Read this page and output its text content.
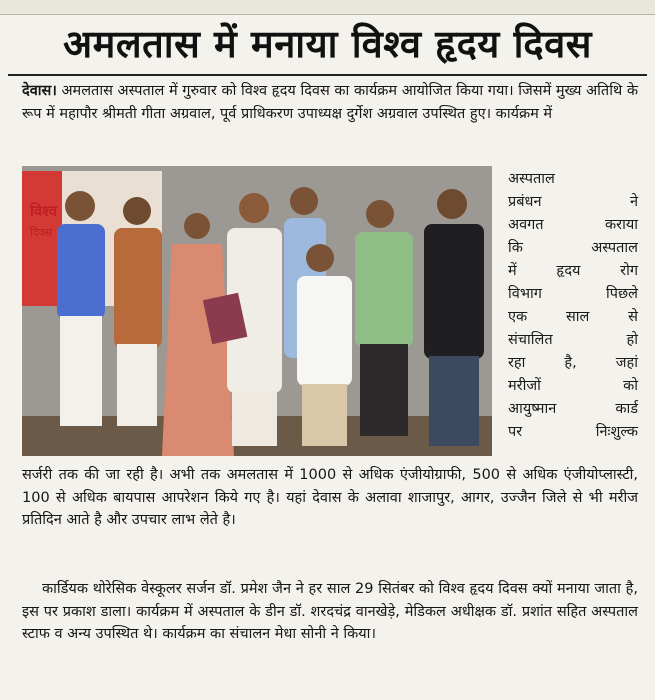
अमलतास में मनाया विश्व हृदय दिवस
देवास। अमलतास अस्पताल में गुरुवार को विश्व हृदय दिवस का कार्यक्रम आयोजित किया गया। जिसमें मुख्य अतिथि के रूप में महापौर श्रीमती गीता अग्रवाल, पूर्व प्राधिकरण उपाध्यक्ष दुर्गेश अग्रवाल उपस्थित हुए। कार्यक्रम में
विश्व
दिवस
अस्पताल
प्रबंधन ने
अवगत कराया
कि अस्पताल
में हृदय रोग
विभाग पिछले
एक साल से
संचालित हो
रहा है, जहां
मरीजों को
आयुष्मान कार्ड
पर निःशुल्क
सर्जरी तक की जा रही है। अभी तक अमलतास में 1000 से अधिक एंजीयोग्राफी, 500 से अधिक एंजीयोप्लास्टी, 100 से अधिक बायपास आपरेशन किये गए है। यहां देवास के अलावा शाजापुर, आगर, उज्जैन जिले से भी मरीज प्रतिदिन आते है और उपचार लाभ लेते है।
कार्डियक थोरेसिक वेस्कूलर सर्जन डॉ. प्रमेश जैन ने हर साल 29 सितंबर को विश्व हृदय दिवस क्यों मनाया जाता है, इस पर प्रकाश डाला। कार्यक्रम में अस्पताल के डीन डॉ. शरदचंद्र वानखेड़े, मेडिकल अधीक्षक डॉ. प्रशांत सहित अस्पताल स्टाफ व अन्य उपस्थित थे। कार्यक्रम का संचालन मेधा सोनी ने किया।
